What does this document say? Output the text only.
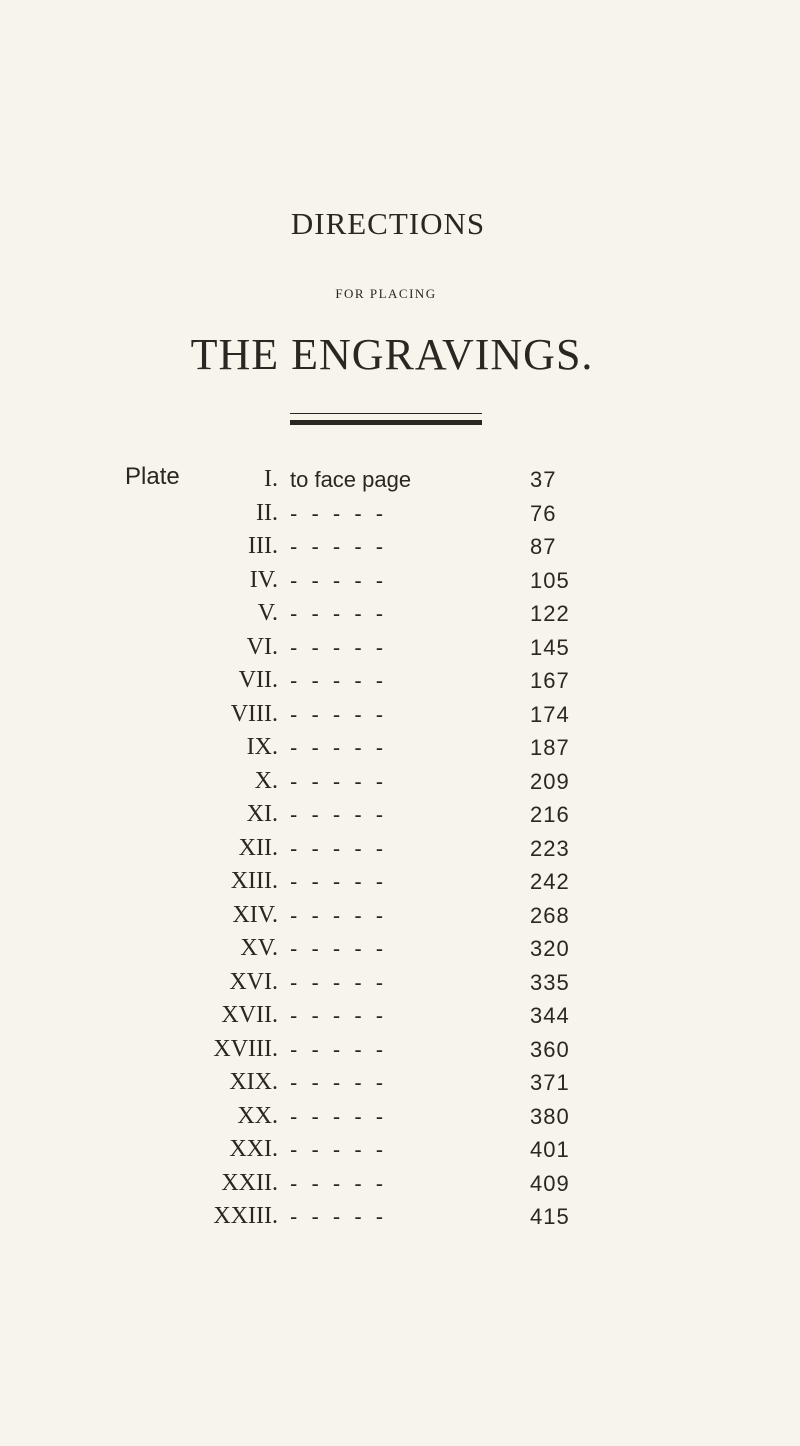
DIRECTIONS
FOR PLACING
THE ENGRAVINGS.
Plate	I. to face page	37
II. - - - - -	76
III. - - - - -	87
IV. - - - - -	105
V. - - - - -	122
VI. - - - - -	145
VII. - - - - -	167
VIII. - - - - -	174
IX. - - - - -	187
X. - - - - -	209
XI. - - - - -	216
XII. - - - - -	223
XIII. - - - - -	242
XIV. - - - - -	268
XV. - - - - -	320
XVI. - - - - -	335
XVII. - - - - -	344
XVIII. - - - - -	360
XIX. - - - - -	371
XX. - - - - -	380
XXI. - - - - -	401
XXII. - - - - -	409
XXIII. - - - - -	415
